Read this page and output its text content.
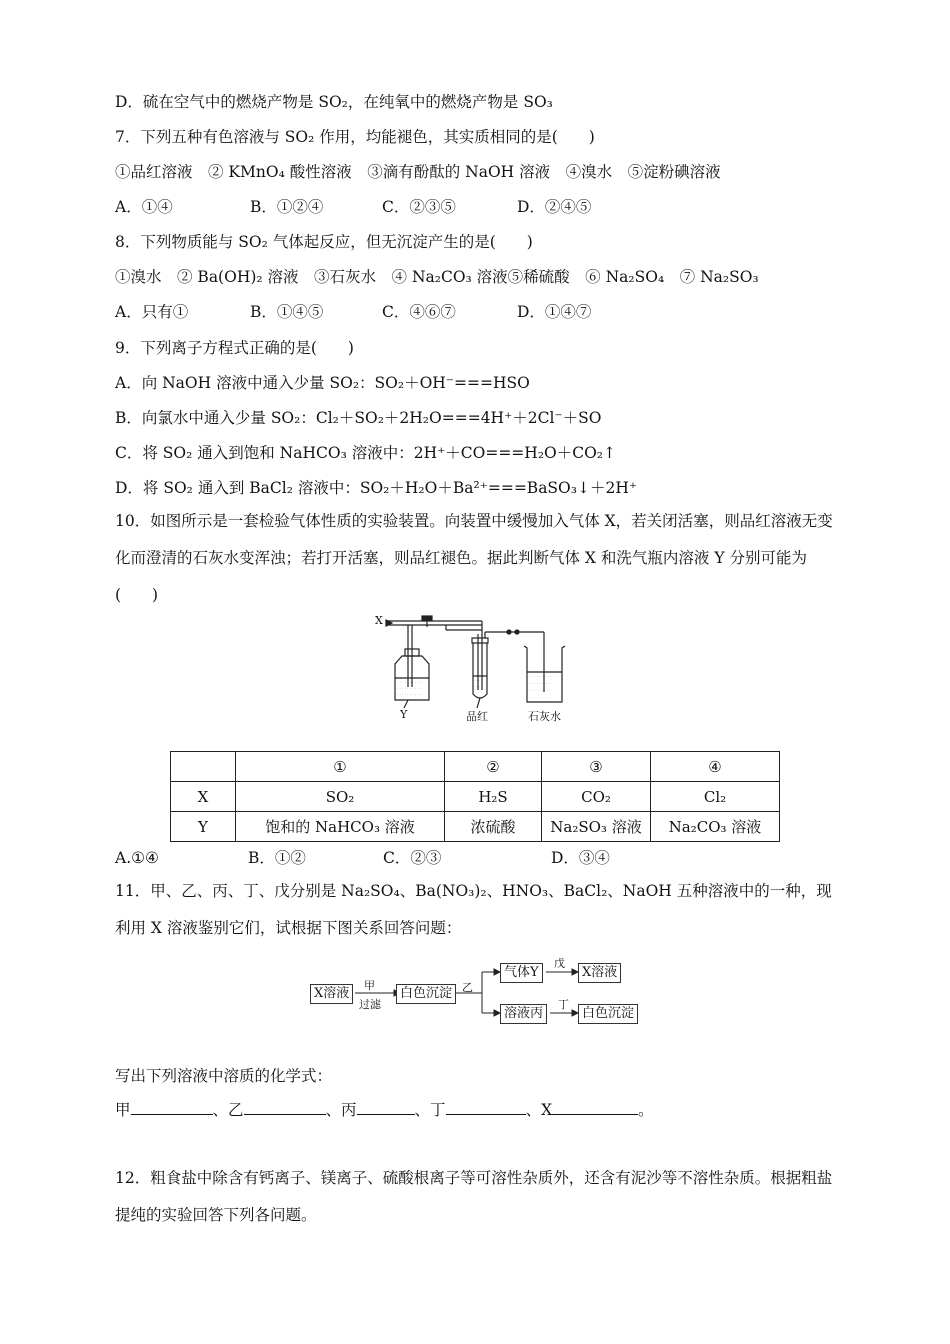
D．硫在空气中的燃烧产物是 SO₂，在纯氧中的燃烧产物是 SO₃
7．下列五种有色溶液与 SO₂ 作用，均能褪色，其实质相同的是(　　)
①品红溶液　② KMnO₄ 酸性溶液　③滴有酚酞的 NaOH 溶液　④溴水　⑤淀粉碘溶液
A．①④	B．①②④	C．②③⑤	D．②④⑤
8．下列物质能与 SO₂ 气体起反应，但无沉淀产生的是(　　)
①溴水　② Ba(OH)₂ 溶液　③石灰水　④ Na₂CO₃ 溶液⑤稀硫酸　⑥ Na₂SO₄　⑦ Na₂SO₃
A．只有①	B．①④⑤	C．④⑥⑦	D．①④⑦
9．下列离子方程式正确的是(　　)
A．向 NaOH 溶液中通入少量 SO₂：SO₂＋OH⁻===HSO
B．向氯水中通入少量 SO₂：Cl₂＋SO₂＋2H₂O===4H⁺＋2Cl⁻＋SO
C．将 SO₂ 通入到饱和 NaHCO₃ 溶液中：2H⁺＋CO===H₂O＋CO₂↑
D．将 SO₂ 通入到 BaCl₂ 溶液中：SO₂＋H₂O＋Ba²⁺===BaSO₃↓＋2H⁺
10．如图所示是一套检验气体性质的实验装置。向装置中缓慢加入气体 X，若关闭活塞，则品红溶液无变化而澄清的石灰水变浑浊；若打开活塞，则品红褪色。据此判断气体 X 和洗气瓶内溶液 Y 分别可能为(　　)
· · · · · · · · · ·
· · · · · · · · · ·
· · · · · · · · · ·
· · · ·
· · · ·
· · · · · · · · ·
· · · · · · · · ·
· · · · · · · · ·
· · · · · · · · ·
X
Y	品红	石灰水
	①	②	③	④
X	SO₂	H₂S	CO₂	Cl₂
Y	饱和的 NaHCO₃ 溶液	浓硫酸	Na₂SO₃ 溶液	Na₂CO₃ 溶液
A.①④	B．①②	C．②③	D．③④
11．甲、乙、丙、丁、戊分别是 Na₂SO₄、Ba(NO₃)₂、HNO₃、BaCl₂、NaOH 五种溶液中的一种，现利用 X 溶液鉴别它们，试根据下图关系回答问题：
X溶液
甲
过滤
白色沉淀 乙
气体Y
戊
X溶液
溶液丙
丁
白色沉淀
写出下列溶液中溶质的化学式：
甲	、乙	、丙	、丁	、X	。
12．粗食盐中除含有钙离子、镁离子、硫酸根离子等可溶性杂质外，还含有泥沙等不溶性杂质。根据粗盐提纯的实验回答下列各问题。
